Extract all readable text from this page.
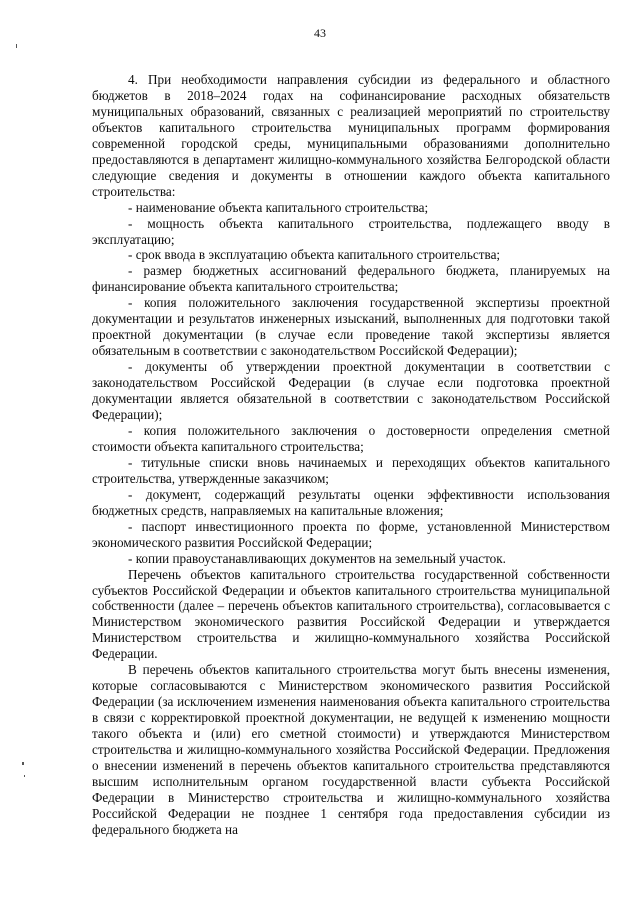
43

4. При необходимости направления субсидии из федерального и областного бюджетов в 2018–2024 годах на софинансирование расходных обязательств муниципальных образований, связанных с реализацией мероприятий по строительству объектов капитального строительства муниципальных программ формирования современной городской среды, муниципальными образованиями дополнительно предоставляются в департамент жилищно-коммунального хозяйства Белгородской области следующие сведения и документы в отношении каждого объекта капитального строительства:

- наименование объекта капитального строительства;

- мощность объекта капитального строительства, подлежащего вводу в эксплуатацию;

- срок ввода в эксплуатацию объекта капитального строительства;

- размер бюджетных ассигнований федерального бюджета, планируемых на финансирование объекта капитального строительства;

- копия положительного заключения государственной экспертизы проектной документации и результатов инженерных изысканий, выполненных для подготовки такой проектной документации (в случае если проведение такой экспертизы является обязательным в соответствии с законодательством Российской Федерации);

- документы об утверждении проектной документации в соответствии с законодательством Российской Федерации (в случае если подготовка проектной документации является обязательной в соответствии с законодательством Российской Федерации);

- копия положительного заключения о достоверности определения сметной стоимости объекта капитального строительства;

- титульные списки вновь начинаемых и переходящих объектов капитального строительства, утвержденные заказчиком;

- документ, содержащий результаты оценки эффективности использования бюджетных средств, направляемых на капитальные вложения;

- паспорт инвестиционного проекта по форме, установленной Министерством экономического развития Российской Федерации;

- копии правоустанавливающих документов на земельный участок.

Перечень объектов капитального строительства государственной собственности субъектов Российской Федерации и объектов капитального строительства муниципальной собственности (далее – перечень объектов капитального строительства), согласовывается с Министерством экономического развития Российской Федерации и утверждается Министерством строительства и жилищно-коммунального хозяйства Российской Федерации.

В перечень объектов капитального строительства могут быть внесены изменения, которые согласовываются с Министерством экономического развития Российской Федерации (за исключением изменения наименования объекта капитального строительства в связи с корректировкой проектной документации, не ведущей к изменению мощности такого объекта и (или) его сметной стоимости) и утверждаются Министерством строительства и жилищно-коммунального хозяйства Российской Федерации. Предложения о внесении изменений в перечень объектов капитального строительства представляются высшим исполнительным органом государственной власти субъекта Российской Федерации в Министерство строительства и жилищно-коммунального хозяйства Российской Федерации не позднее 1 сентября года предоставления субсидии из федерального бюджета на
